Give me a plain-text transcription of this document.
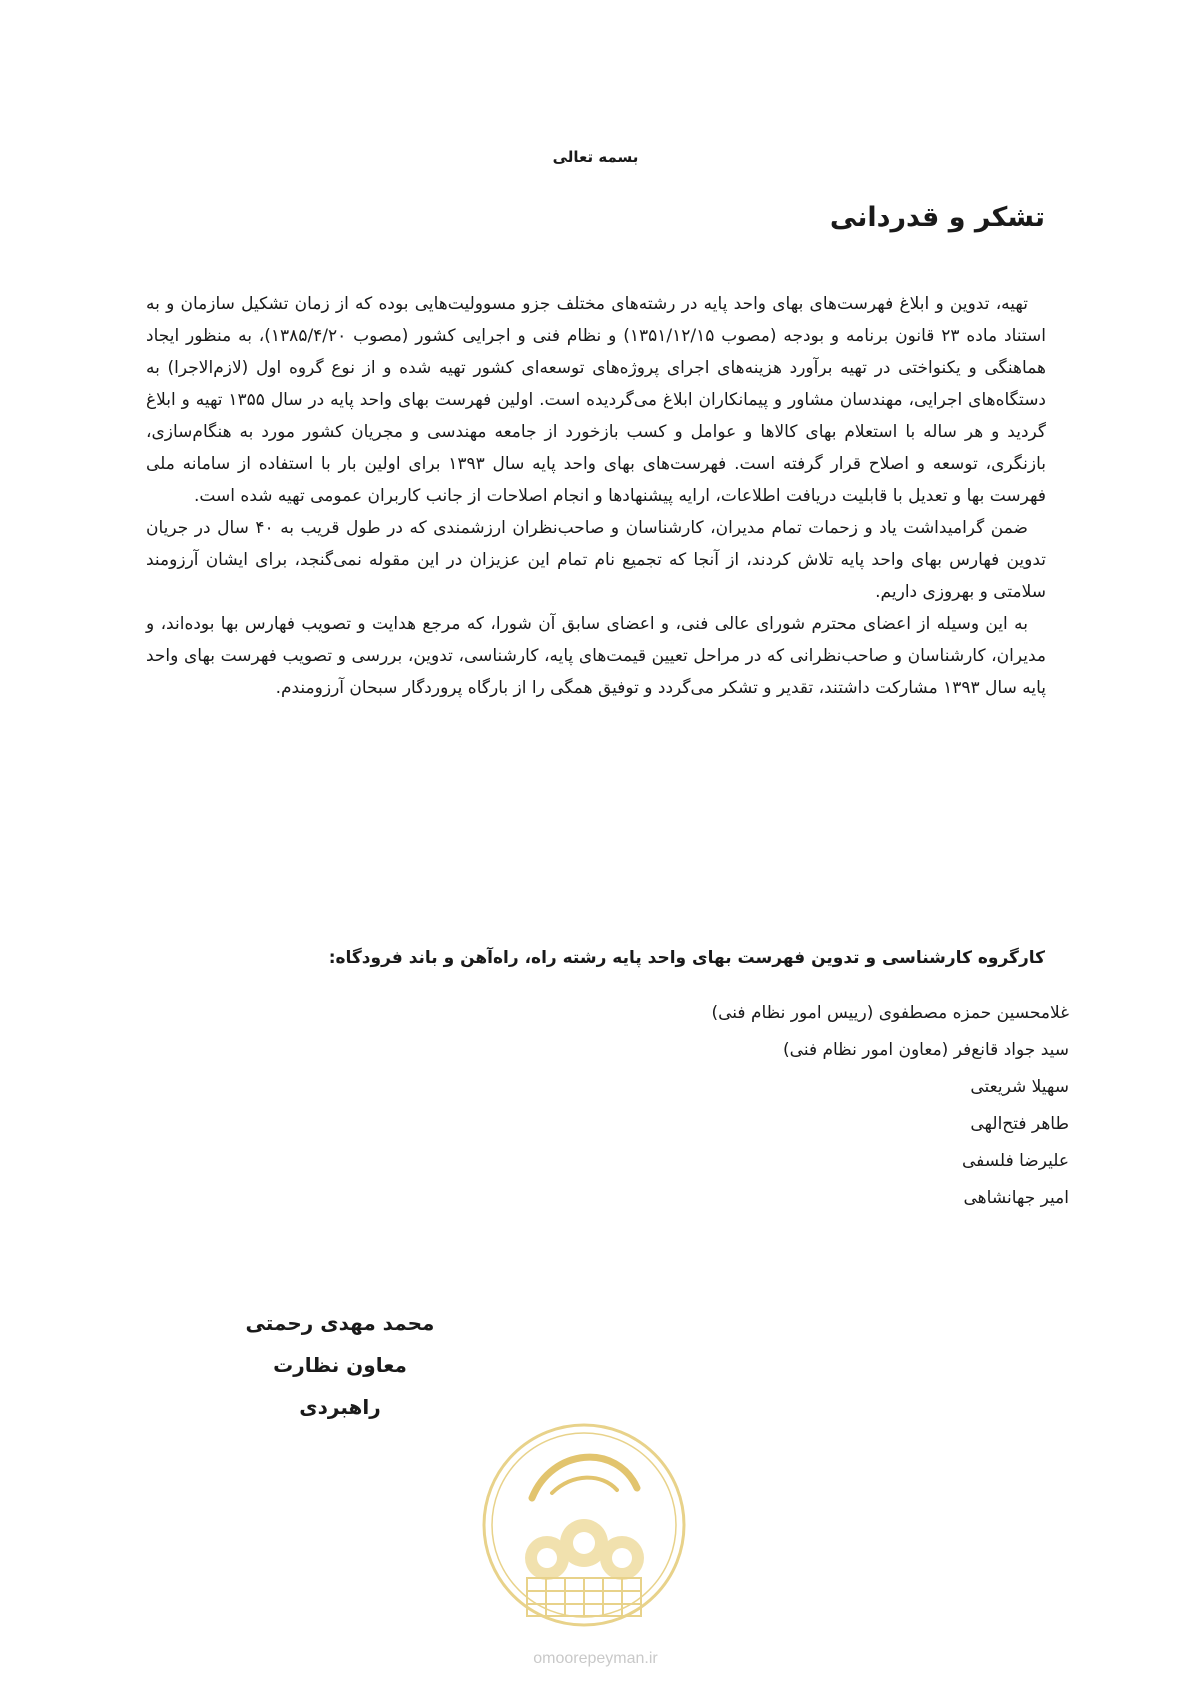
بسمه تعالی
تشکر و قدردانی

تهیه، تدوین و ابلاغ فهرست‌های بهای واحد پایه در رشته‌های مختلف جزو مسوولیت‌هایی بوده که از زمان تشکیل سازمان و به استناد ماده ۲۳ قانون برنامه و بودجه (مصوب ۱۳۵۱/۱۲/۱۵) و نظام فنی و اجرایی کشور (مصوب ۱۳۸۵/۴/۲۰)، به منظور ایجاد هماهنگی و یکنواختی در تهیه برآورد هزینه‌های اجرای پروژه‌های توسعه‌ای کشور تهیه شده و از نوع گروه اول (لازم‌الاجرا) به دستگاه‌های اجرایی، مهندسان مشاور و پیمانکاران ابلاغ می‌گردیده است. اولین فهرست بهای واحد پایه در سال ۱۳۵۵ تهیه و ابلاغ گردید و هر ساله با استعلام بهای کالاها و عوامل و کسب بازخورد از جامعه مهندسی و مجریان کشور مورد به هنگام‌سازی، بازنگری، توسعه و اصلاح قرار گرفته است. فهرست‌های بهای واحد پایه سال ۱۳۹۳ برای اولین بار با استفاده از سامانه ملی فهرست بها و تعدیل با قابلیت دریافت اطلاعات، ارایه پیشنهادها و انجام اصلاحات از جانب کاربران عمومی تهیه شده است.

ضمن گرامیداشت یاد و زحمات تمام مدیران، کارشناسان و صاحب‌نظران ارزشمندی که در طول قریب به ۴۰ سال در جریان تدوین فهارس بهای واحد پایه تلاش کردند، از آنجا که تجمیع نام تمام این عزیزان در این مقوله نمی‌گنجد، برای ایشان آرزومند سلامتی و بهروزی داریم.

به این وسیله از اعضای محترم شورای عالی فنی، و اعضای سابق آن شورا، که مرجع هدایت و تصویب فهارس بها بوده‌اند، و مدیران، کارشناسان و صاحب‌نظرانی که در مراحل تعیین قیمت‌های پایه، کارشناسی، تدوین، بررسی و تصویب فهرست بهای واحد پایه سال ۱۳۹۳ مشارکت داشتند، تقدیر و تشکر می‌گردد و توفیق همگی را از بارگاه پروردگار سبحان آرزومندم.

کارگروه کارشناسی و تدوین فهرست بهای واحد پایه رشته راه، راه‌آهن و باند فرودگاه:
غلامحسین حمزه مصطفوی (رییس امور نظام فنی)
سید جواد قانع‌فر (معاون امور نظام فنی)
سهیلا شریعتی
طاهر فتح‌الهی
علیرضا فلسفی
امیر جهانشاهی
محمد مهدی رحمتی
معاون نظارت راهبردی
omoorepeyman.ir
